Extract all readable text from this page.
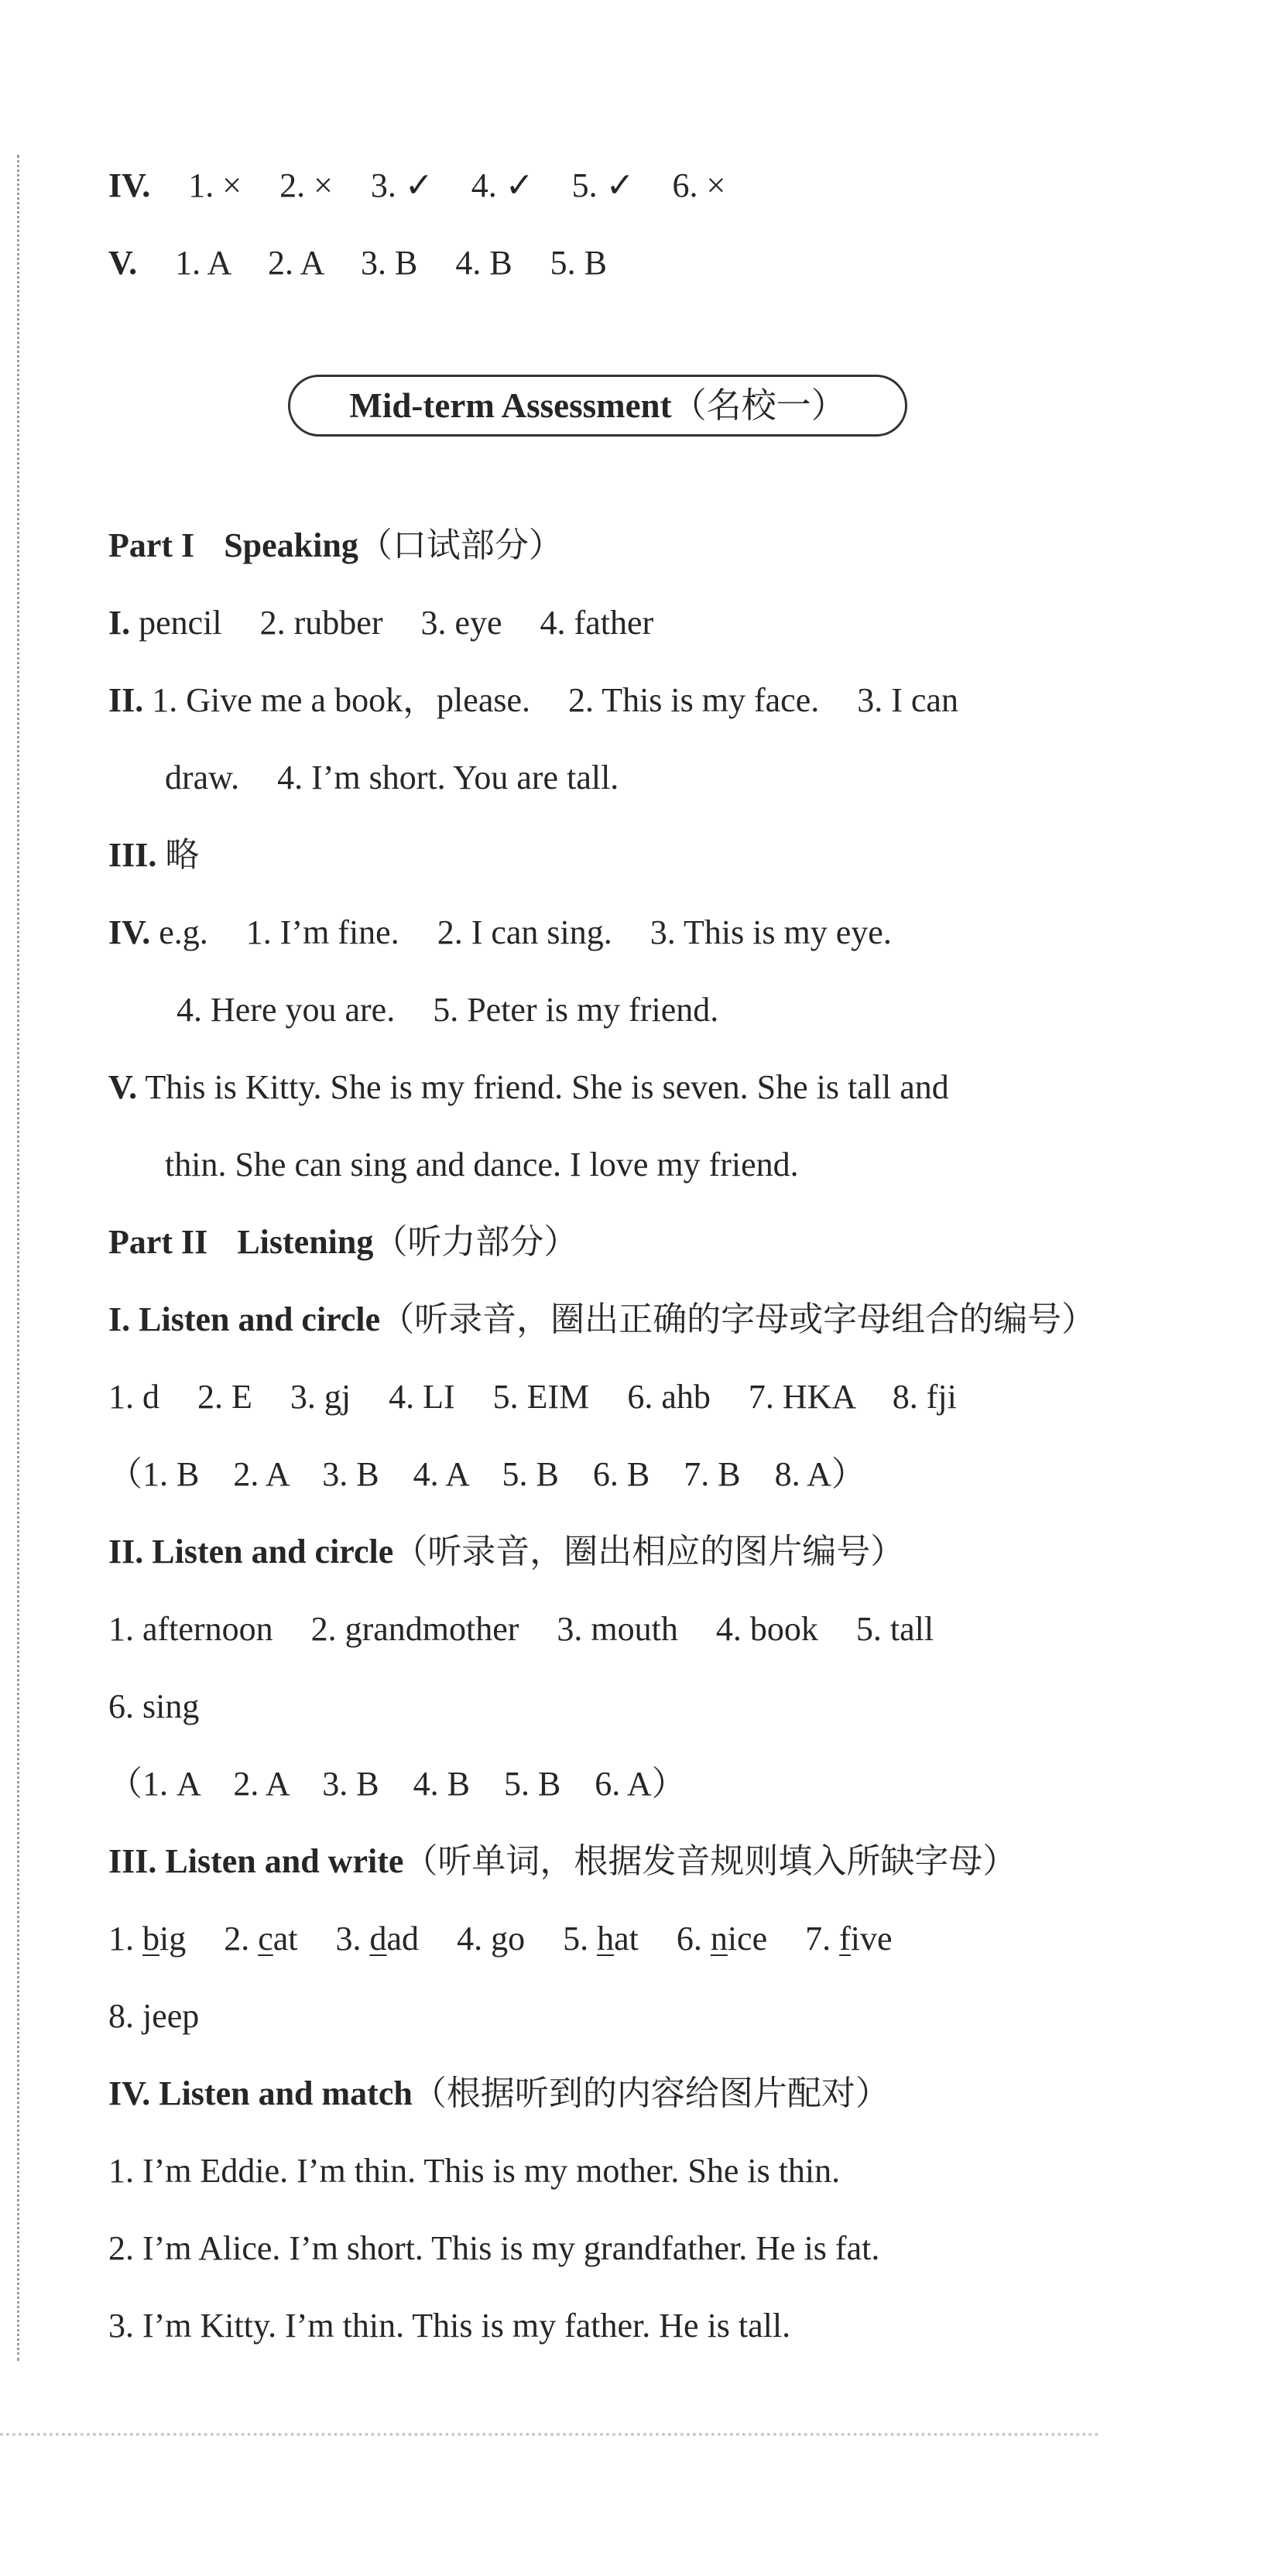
IV. 1. × 2. × 3. ✓ 4. ✓ 5. ✓ 6. ×
V. 1. A 2. A 3. B 4. B 5. B
Mid-term Assessment（名校一）
Part I Speaking（口试部分）
I. pencil 2. rubber 3. eye 4. father
II. 1. Give me a book，please. 2. This is my face. 3. I can
draw. 4. I’m short. You are tall.
III. 略
IV. e.g. 1. I’m fine. 2. I can sing. 3. This is my eye.
4. Here you are. 5. Peter is my friend.
V. This is Kitty. She is my friend. She is seven. She is tall and
thin. She can sing and dance. I love my friend.
Part II Listening（听力部分）
I. Listen and circle（听录音，圈出正确的字母或字母组合的编号）
1. d 2. E 3. gj 4. LI 5. EIM 6. ahb 7. HKA 8. fji
（1. B　2. A　3. B　4. A　5. B　6. B　7. B　8. A）
II. Listen and circle（听录音，圈出相应的图片编号）
1. afternoon 2. grandmother 3. mouth 4. book 5. tall
6. sing
（1. A　2. A　3. B　4. B　5. B　6. A）
III. Listen and write（听单词，根据发音规则填入所缺字母）
1. big 2. cat 3. dad 4. go 5. hat 6. nice 7. five
8. jeep
IV. Listen and match（根据听到的内容给图片配对）
1. I’m Eddie. I’m thin. This is my mother. She is thin.
2. I’m Alice. I’m short. This is my grandfather. He is fat.
3. I’m Kitty. I’m thin. This is my father. He is tall.
